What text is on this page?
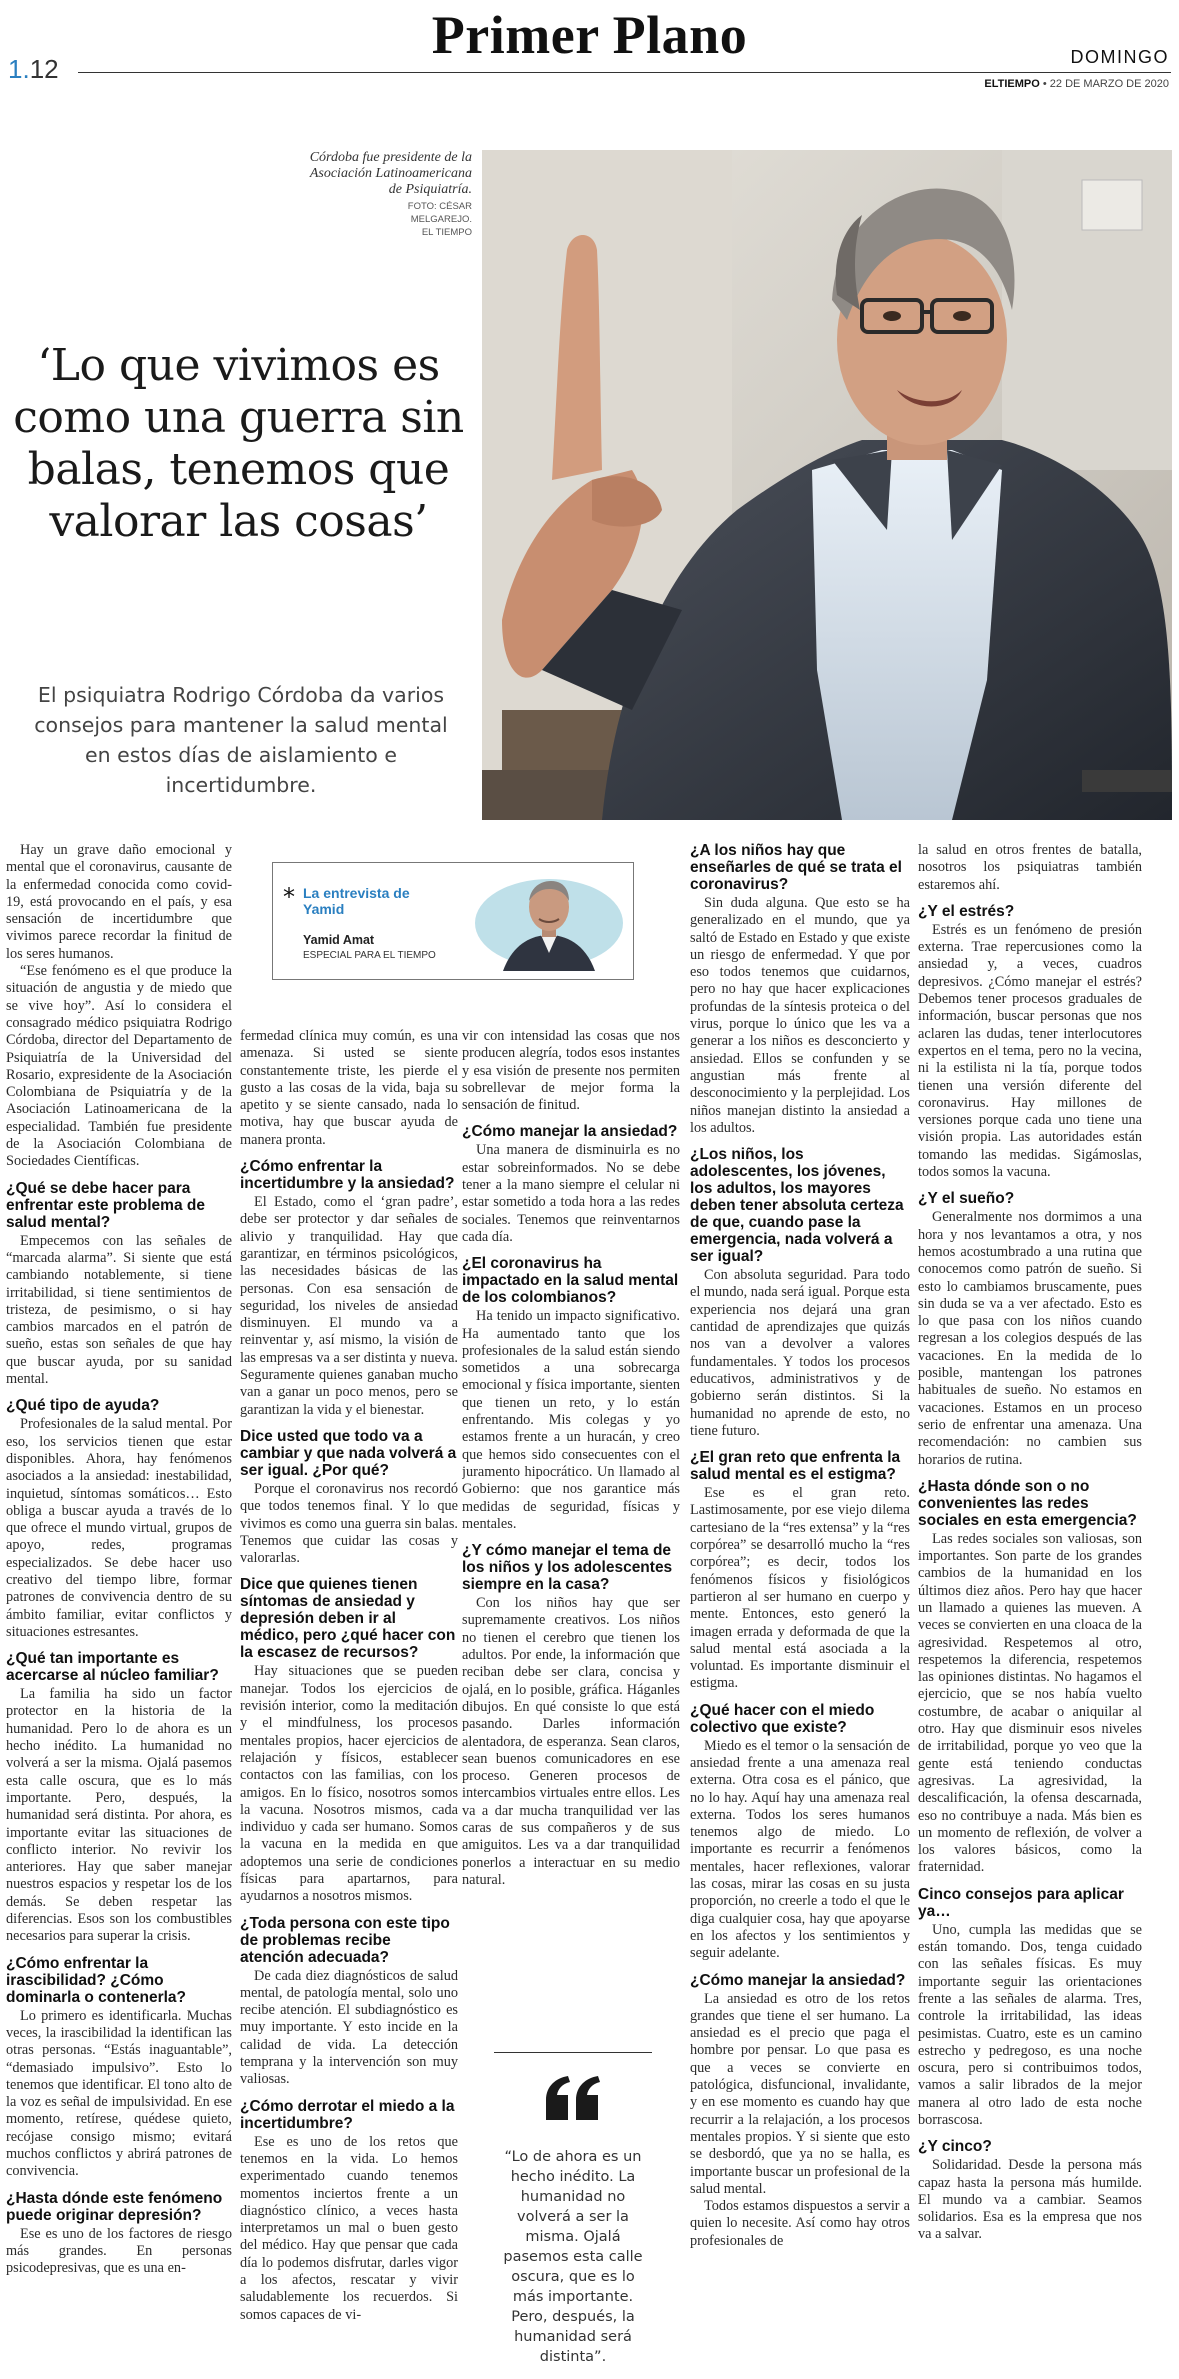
Primer Plano
1.12	DOMINGO
ELTIEMPO • 22 DE MARZO DE 2020
Córdoba fue presidente de la Asociación Latinoamericana de Psiquiatría.
FOTO: CÉSAR
MELGAREJO.
EL TIEMPO
‘Lo que vivimos es como una guerra sin balas, tenemos que valorar las cosas’
El psiquiatra Rodrigo Córdoba da varios consejos para mantener la salud mental en estos días de aislamiento e incertidumbre.
* La entrevista de Yamid
Yamid Amat
ESPECIAL PARA EL TIEMPO

Hay un grave daño emocional y mental que el coronavirus, causante de la enfermedad conocida como covid-19, está provocando en el país, y esa sensación de incertidumbre que vivimos parece recordar la finitud de los seres humanos.

“Ese fenómeno es el que produce la situación de angustia y de miedo que se vive hoy”. Así lo considera el consagrado médico psiquiatra Rodrigo Córdoba, director del Departamento de Psiquiatría de la Universidad del Rosario, expresidente de la Asociación Colombiana de Psiquiatría y de la Asociación Latinoamericana de la especialidad. También fue presidente de la Asociación Colombiana de Sociedades Científicas.

¿Qué se debe hacer para enfrentar este problema de salud mental?

Empecemos con las señales de “marcada alarma”. Si siente que está cambiando notablemente, si tiene irritabilidad, si tiene sentimientos de tristeza, de pesimismo, o si hay cambios marcados en el patrón de sueño, estas son señales de que hay que buscar ayuda, por su sanidad mental.

¿Qué tipo de ayuda?

Profesionales de la salud mental. Por eso, los servicios tienen que estar disponibles. Ahora, hay fenómenos asociados a la ansiedad: inestabilidad, inquietud, síntomas somáticos… Esto obliga a buscar ayuda a través de lo que ofrece el mundo virtual, grupos de apoyo, redes, programas especializados. Se debe hacer uso creativo del tiempo libre, formar patrones de convivencia dentro de su ámbito familiar, evitar conflictos y situaciones estresantes.

¿Qué tan importante es acercarse al núcleo familiar?

La familia ha sido un factor protector en la historia de la humanidad. Pero lo de ahora es un hecho inédito. La humanidad no volverá a ser la misma. Ojalá pasemos esta calle oscura, que es lo más importante. Pero, después, la humanidad será distinta. Por ahora, es importante evitar las situaciones de conflicto interior. No revivir los anteriores. Hay que saber manejar nuestros espacios y respetar los de los demás. Se deben respetar las diferencias. Esos son los combustibles necesarios para superar la crisis.

¿Cómo enfrentar la irascibilidad? ¿Cómo dominarla o contenerla?

Lo primero es identificarla. Muchas veces, la irascibilidad la identifican las otras personas. “Estás inaguantable”, “demasiado impulsivo”. Esto lo tenemos que identificar. El tono alto de la voz es señal de impulsividad. En ese momento, retírese, quédese quieto, recójase consigo mismo; evitará muchos conflictos y abrirá patrones de convivencia.

¿Hasta dónde este fenómeno puede originar depresión?

Ese es uno de los factores de riesgo más grandes. En personas psicodepresivas, que es una en-

fermedad clínica muy común, es una amenaza. Si usted se siente constantemente triste, les pierde el gusto a las cosas de la vida, baja su apetito y se siente cansado, nada lo motiva, hay que buscar ayuda de manera pronta.

¿Cómo enfrentar la incertidumbre y la ansiedad?

El Estado, como el ‘gran padre’, debe ser protector y dar señales de alivio y tranquilidad. Hay que garantizar, en términos psicológicos, las necesidades básicas de las personas. Con esa sensación de seguridad, los niveles de ansiedad disminuyen. El mundo va a reinventar y, así mismo, la visión de las empresas va a ser distinta y nueva. Seguramente quienes ganaban mucho van a ganar un poco menos, pero se garantizan la vida y el bienestar.

Dice usted que todo va a cambiar y que nada volverá a ser igual. ¿Por qué?

Porque el coronavirus nos recordó que todos tenemos final. Y lo que vivimos es como una guerra sin balas. Tenemos que cuidar las cosas y valorarlas.

Dice que quienes tienen síntomas de ansiedad y depresión deben ir al médico, pero ¿qué hacer con la escasez de recursos?

Hay situaciones que se pueden manejar. Todos los ejercicios de revisión interior, como la meditación y el mindfulness, los procesos mentales propios, hacer ejercicios de relajación y físicos, establecer contactos con las familias, con los amigos. En lo físico, nosotros somos la vacuna. Nosotros mismos, cada individuo y cada ser humano. Somos la vacuna en la medida en que adoptemos una serie de condiciones físicas para apartarnos, para ayudarnos a nosotros mismos.

¿Toda persona con este tipo de problemas recibe atención adecuada?

De cada diez diagnósticos de salud mental, de patología mental, solo uno recibe atención. El subdiagnóstico es muy importante. Y esto incide en la calidad de vida. La detección temprana y la intervención son muy valiosas.

¿Cómo derrotar el miedo a la incertidumbre?

Ese es uno de los retos que tenemos en la vida. Lo hemos experimentado cuando tenemos momentos inciertos frente a un diagnóstico clínico, a veces hasta interpretamos un mal o buen gesto del médico. Hay que pensar que cada día lo podemos disfrutar, darles vigor a los afectos, rescatar y vivir saludablemente los recuerdos. Si somos capaces de vi-

vir con intensidad las cosas que nos producen alegría, todos esos instantes y esa visión de presente nos permiten sobrellevar de mejor forma la sensación de finitud.

¿Cómo manejar la ansiedad?

Una manera de disminuirla es no estar sobreinformados. No se debe tener a la mano siempre el celular ni estar sometido a toda hora a las redes sociales. Tenemos que reinventarnos cada día.

¿El coronavirus ha impactado en la salud mental de los colombianos?

Ha tenido un impacto significativo. Ha aumentado tanto que los profesionales de la salud están siendo sometidos a una sobrecarga emocional y física importante, sienten que tienen un reto, y lo están enfrentando. Mis colegas y yo estamos frente a un huracán, y creo que hemos sido consecuentes con el juramento hipocrático. Un llamado al Gobierno: que nos garantice más medidas de seguridad, físicas y mentales.

¿Y cómo manejar el tema de los niños y los adolescentes siempre en la casa?

Con los niños hay que ser supremamente creativos. Los niños no tienen el cerebro que tienen los adultos. Por ende, la información que reciban debe ser clara, concisa y ojalá, en lo posible, gráfica. Háganles dibujos. En qué consiste lo que está pasando. Darles información alentadora, de esperanza. Sean claros, sean buenos comunicadores en ese proceso. Generen procesos de intercambios virtuales entre ellos. Les va a dar mucha tranquilidad ver las caras de sus compañeros y de sus amiguitos. Les va a dar tranquilidad ponerlos a interactuar en su medio natural.

¿A los niños hay que enseñarles de qué se trata el coronavirus?

Sin duda alguna. Que esto se ha generalizado en el mundo, que ya saltó de Estado en Estado y que existe un riesgo de enfermedad. Y que por eso todos tenemos que cuidarnos, pero no hay que hacer explicaciones profundas de la síntesis proteica o del virus, porque lo único que les va a generar a los niños es desconcierto y ansiedad. Ellos se confunden y se angustian más frente al desconocimiento y la perplejidad. Los niños manejan distinto la ansiedad a los adultos.

¿Los niños, los adolescentes, los jóvenes, los adultos, los mayores deben tener absoluta certeza de que, cuando pase la emergencia, nada volverá a ser igual?

Con absoluta seguridad. Para todo el mundo, nada será igual. Porque esta experiencia nos dejará una gran cantidad de aprendizajes que quizás nos van a devolver a valores fundamentales. Y todos los procesos educativos, administrativos y de gobierno serán distintos. Si la humanidad no aprende de esto, no tiene futuro.

¿El gran reto que enfrenta la salud mental es el estigma?

Ese es el gran reto. Lastimosamente, por ese viejo dilema cartesiano de la “res extensa” y la “res corpórea” se desarrolló mucho la “res corpórea”; es decir, todos los fenómenos físicos y fisiológicos partieron al ser humano en cuerpo y mente. Entonces, esto generó la imagen errada y deformada de que la salud mental está asociada a la voluntad. Es importante disminuir el estigma.

¿Qué hacer con el miedo colectivo que existe?

Miedo es el temor o la sensación de ansiedad frente a una amenaza real externa. Otra cosa es el pánico, que no lo hay. Aquí hay una amenaza real externa. Todos los seres humanos tenemos algo de miedo. Lo importante es recurrir a fenómenos mentales, hacer reflexiones, valorar las cosas, mirar las cosas en su justa proporción, no creerle a todo el que le diga cualquier cosa, hay que apoyarse en los afectos y los sentimientos y seguir adelante.

¿Cómo manejar la ansiedad?

La ansiedad es otro de los retos grandes que tiene el ser humano. La ansiedad es el precio que paga el hombre por pensar. Lo que pasa es que a veces se convierte en patológica, disfuncional, invalidante, y en ese momento es cuando hay que recurrir a la relajación, a los procesos mentales propios. Y si siente que esto se desbordó, que ya no se halla, es importante buscar un profesional de la salud mental.

Todos estamos dispuestos a servir a quien lo necesite. Así como hay otros profesionales de

la salud en otros frentes de batalla, nosotros los psiquiatras también estaremos ahí.

¿Y el estrés?

Estrés es un fenómeno de presión externa. Trae repercusiones como la ansiedad y, a veces, cuadros depresivos. ¿Cómo manejar el estrés? Debemos tener procesos graduales de información, buscar personas que nos aclaren las dudas, tener interlocutores expertos en el tema, pero no la vecina, ni la estilista ni la tía, porque todos tienen una versión diferente del coronavirus. Hay millones de versiones porque cada uno tiene una visión propia. Las autoridades están tomando las medidas. Sigámoslas, todos somos la vacuna.

¿Y el sueño?

Generalmente nos dormimos a una hora y nos levantamos a otra, y nos hemos acostumbrado a una rutina que conocemos como patrón de sueño. Si esto lo cambiamos bruscamente, pues sin duda se va a ver afectado. Esto es lo que pasa con los niños cuando regresan a los colegios después de las vacaciones. En la medida de lo posible, mantengan los patrones habituales de sueño. No estamos en vacaciones. Estamos en un proceso serio de enfrentar una amenaza. Una recomendación: no cambien sus horarios de rutina.

¿Hasta dónde son o no convenientes las redes sociales en esta emergencia?

Las redes sociales son valiosas, son importantes. Son parte de los grandes cambios de la humanidad en los últimos diez años. Pero hay que hacer un llamado a quienes las mueven. A veces se convierten en una cloaca de la agresividad. Respetemos al otro, respetemos la diferencia, respetemos las opiniones distintas. No hagamos el ejercicio, que se nos había vuelto costumbre, de acabar o aniquilar al otro. Hay que disminuir esos niveles de irritabilidad, porque yo veo que la gente está teniendo conductas agresivas. La agresividad, la descalificación, la ofensa descarnada, eso no contribuye a nada. Más bien es un momento de reflexión, de volver a los valores básicos, como la fraternidad.

Cinco consejos para aplicar ya…

Uno, cumpla las medidas que se están tomando. Dos, tenga cuidado con las señales físicas. Es muy importante seguir las orientaciones frente a las señales de alarma. Tres, controle la irritabilidad, las ideas pesimistas. Cuatro, este es un camino estrecho y pedregoso, es una noche oscura, pero si contribuimos todos, vamos a salir librados de la mejor manera al otro lado de esta noche borrascosa.

¿Y cinco?

Solidaridad. Desde la persona más capaz hasta la persona más humilde. El mundo va a cambiar. Seamos solidarios. Esa es la empresa que nos va a salvar.

“Lo de ahora es un hecho inédito. La humanidad no volverá a ser la misma. Ojalá pasemos esta calle oscura, que es lo más importante. Pero, después, la humanidad será distinta”.
